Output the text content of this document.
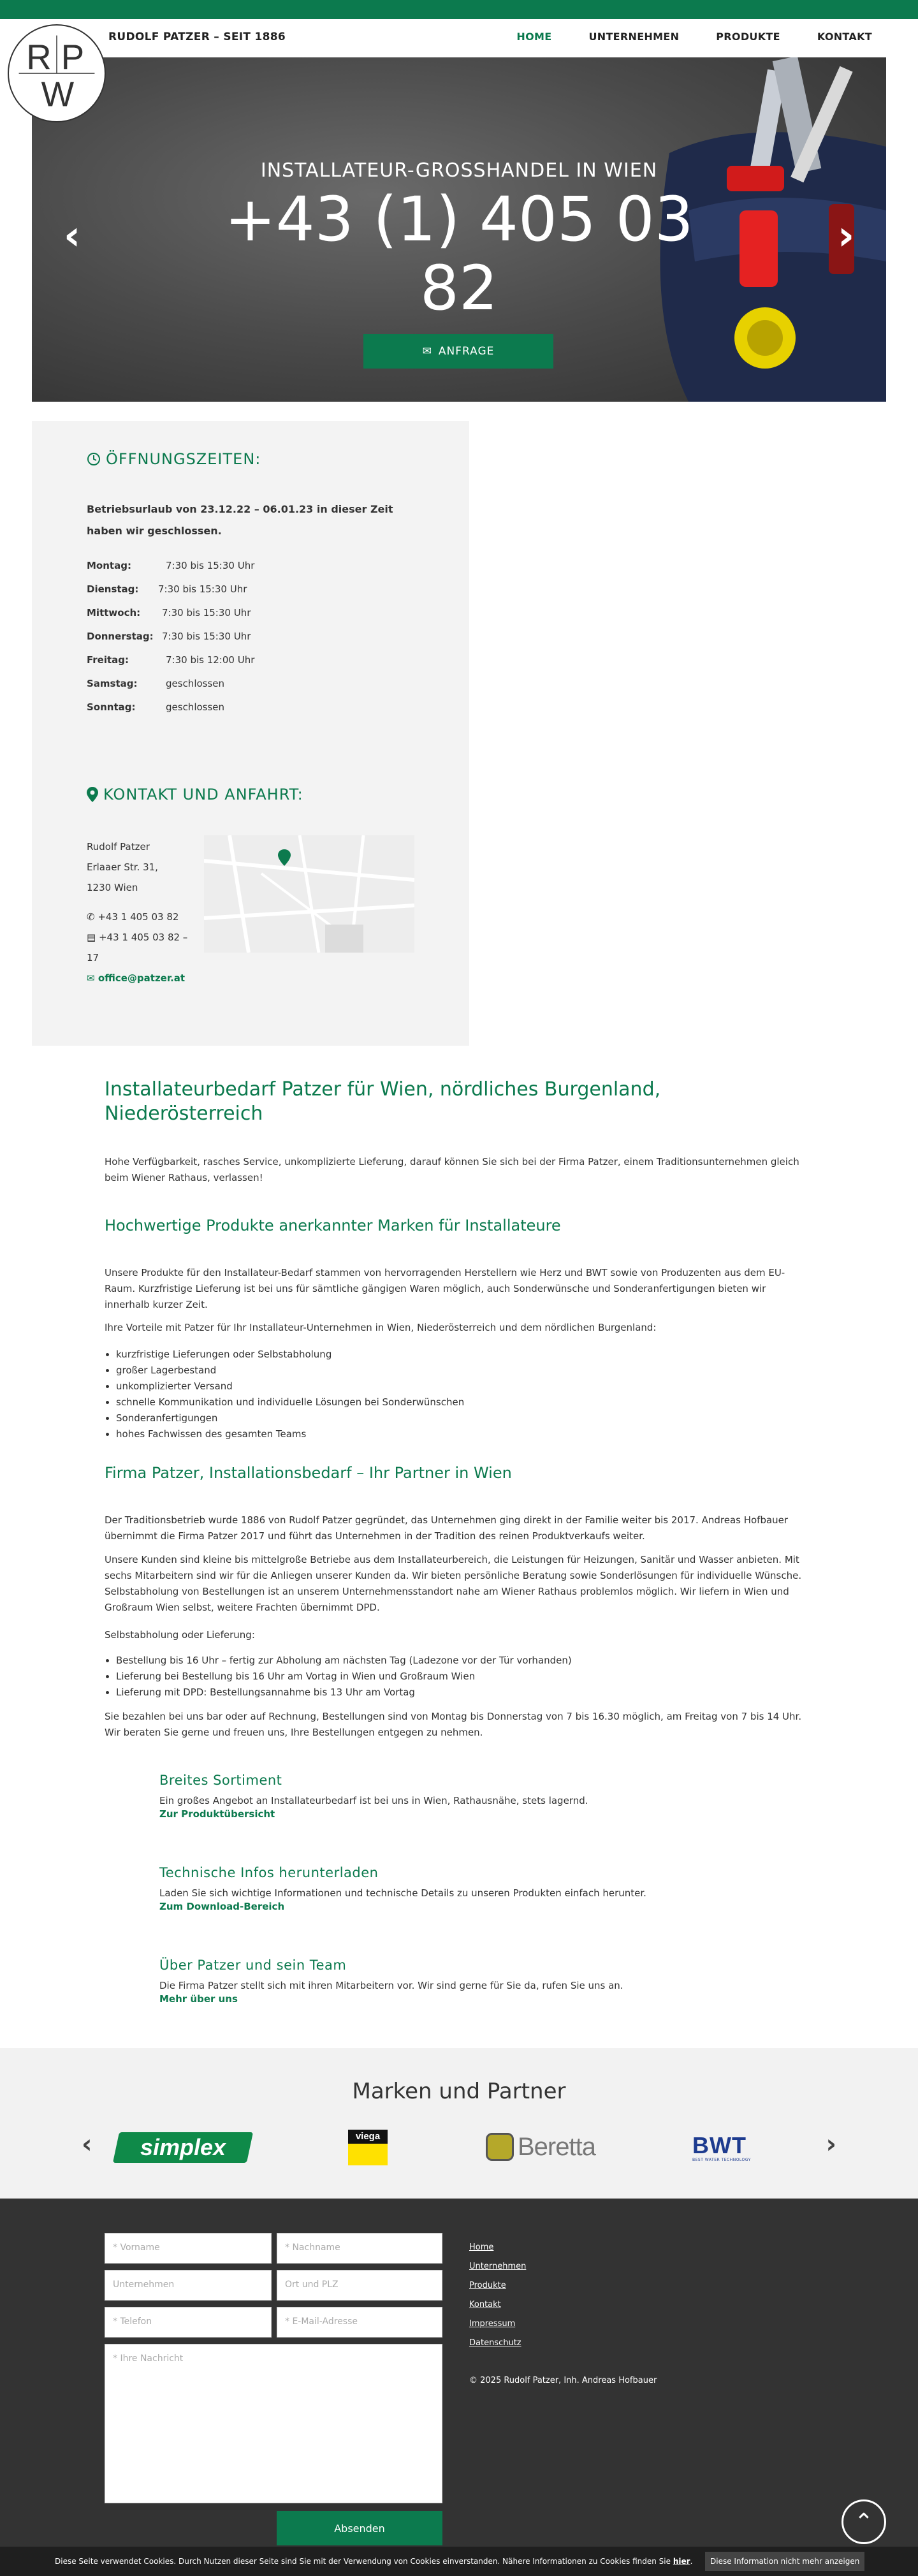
R P
W
RUDOLF PATZER – SEIT 1886	HOME	UNTERNEHMEN	PRODUKTE	KONTAKT
‹	›
INSTALLATEUR-GROSSHANDEL IN WIEN
+43 (1) 405 03
82
✉ ANFRAGE
ÖFFNUNGSZEITEN:
Betriebsurlaub von 23.12.22 – 06.01.23 in dieser Zeit haben wir geschlossen.
Montag:	7:30 bis 15:30 Uhr
Dienstag:	7:30 bis 15:30 Uhr
Mittwoch:	7:30 bis 15:30 Uhr
Donnerstag: 7:30 bis 15:30 Uhr
Freitag:	7:30 bis 12:00 Uhr
Samstag:	geschlossen
Sonntag:	geschlossen
KONTAKT UND ANFAHRT:
Rudolf Patzer
Erlaaer Str. 31,
1230 Wien
✆ +43 1 405 03 82
▤ +43 1 405 03 82 – 17
✉ office@patzer.at
Installateurbedarf Patzer für Wien, nördliches Burgenland, Niederösterreich

Hohe Verfügbarkeit, rasches Service, unkomplizierte Lieferung, darauf können Sie sich bei der Firma Patzer, einem Traditionsunternehmen gleich beim Wiener Rathaus, verlassen!

Hochwertige Produkte anerkannter Marken für Installateure

Unsere Produkte für den Installateur-Bedarf stammen von hervorragenden Herstellern wie Herz und BWT sowie von Produzenten aus dem EU-Raum. Kurzfristige Lieferung ist bei uns für sämtliche gängigen Waren möglich, auch Sonderwünsche und Sonderanfertigungen bieten wir innerhalb kurzer Zeit.

Ihre Vorteile mit Patzer für Ihr Installateur-Unternehmen in Wien, Niederösterreich und dem nördlichen Burgenland:

• kurzfristige Lieferungen oder Selbstabholung
• großer Lagerbestand
• unkomplizierter Versand
• schnelle Kommunikation und individuelle Lösungen bei Sonderwünschen
• Sonderanfertigungen
• hohes Fachwissen des gesamten Teams
Firma Patzer, Installationsbedarf – Ihr Partner in Wien

Der Traditionsbetrieb wurde 1886 von Rudolf Patzer gegründet, das Unternehmen ging direkt in der Familie weiter bis 2017. Andreas Hofbauer übernimmt die Firma Patzer 2017 und führt das Unternehmen in der Tradition des reinen Produktverkaufs weiter.

Unsere Kunden sind kleine bis mittelgroße Betriebe aus dem Installateurbereich, die Leistungen für Heizungen, Sanitär und Wasser anbieten. Mit sechs Mitarbeitern sind wir für die Anliegen unserer Kunden da. Wir bieten persönliche Beratung sowie Sonderlösungen für individuelle Wünsche. Selbstabholung von Bestellungen ist an unserem Unternehmensstandort nahe am Wiener Rathaus problemlos möglich. Wir liefern in Wien und Großraum Wien selbst, weitere Frachten übernimmt DPD.

Selbstabholung oder Lieferung:

• Bestellung bis 16 Uhr – fertig zur Abholung am nächsten Tag (Ladezone vor der Tür vorhanden)
• Lieferung bei Bestellung bis 16 Uhr am Vortag in Wien und Großraum Wien
• Lieferung mit DPD: Bestellungsannahme bis 13 Uhr am Vortag

Sie bezahlen bei uns bar oder auf Rechnung, Bestellungen sind von Montag bis Donnerstag von 7 bis 16.30 möglich, am Freitag von 7 bis 14 Uhr. Wir beraten Sie gerne und freuen uns, Ihre Bestellungen entgegen zu nehmen.

Breites Sortiment

Ein großes Angebot an Installateurbedarf ist bei uns in Wien, Rathausnähe, stets lagernd.

Zur Produktübersicht
Technische Infos herunterladen

Laden Sie sich wichtige Informationen und technische Details zu unseren Produkten einfach herunter.

Zum Download-Bereich
Über Patzer und sein Team

Die Firma Patzer stellt sich mit ihren Mitarbeitern vor. Wir sind gerne für Sie da, rufen Sie uns an.

Mehr über uns
Marken und Partner
‹	›
simplex	viega	Beretta	BWT
BEST WATER TECHNOLOGY
* Vorname	* Nachname
Unternehmen	Ort und PLZ
* Telefon	* E-Mail-Adresse
* Ihre Nachricht
Absenden
Home
Unternehmen
Produkte
Kontakt
Impressum
Datenschutz
© 2025 Rudolf Patzer, Inh. Andreas Hofbauer
⌃
Diese Seite verwendet Cookies. Durch Nutzen dieser Seite sind Sie mit der Verwendung von Cookies einverstanden. Nähere Informationen zu Cookies finden Sie hier.	Diese Information nicht mehr anzeigen
